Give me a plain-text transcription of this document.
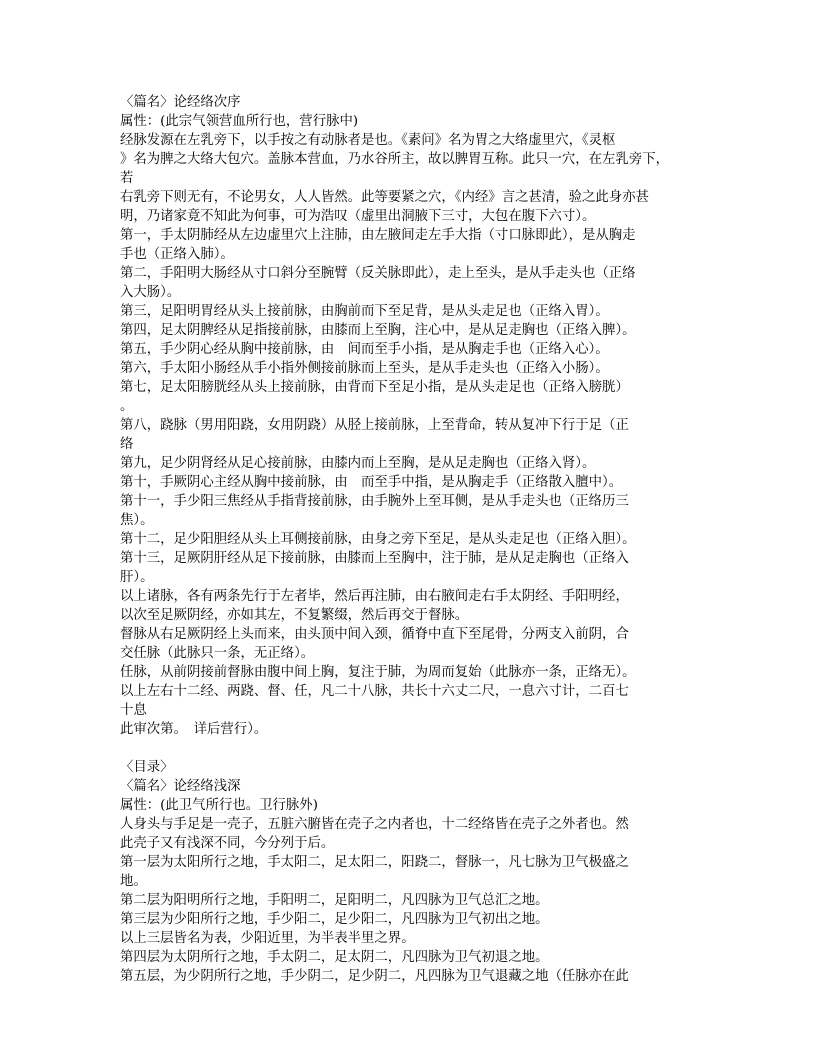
〈篇名〉论经络次序
属性：(此宗气领营血所行也，营行脉中)
经脉发源在左乳旁下，以手按之有动脉者是也。《素问》名为胃之大络虚里穴，《灵枢
》名为脾之大络大包穴。盖脉本营血，乃水谷所主，故以脾胃互称。此只一穴，在左乳旁下，
若
右乳旁下则无有，不论男女，人人皆然。此等要紧之穴，《内经》言之甚清，验之此身亦甚
明，乃诸家竟不知此为何事，可为浩叹（虚里出洞腋下三寸，大包在腹下六寸）。
第一，手太阴肺经从左边虚里穴上注肺，由左腋间走左手大指（寸口脉即此），是从胸走
手也（正络入肺）。
第二，手阳明大肠经从寸口斜分至腕臂（反关脉即此），走上至头，是从手走头也（正络
入大肠）。
第三，足阳明胃经从头上接前脉，由胸前而下至足背，是从头走足也（正络入胃）。
第四，足太阴脾经从足指接前脉，由膝而上至胸，注心中，是从足走胸也（正络入脾）。
第五，手少阴心经从胸中接前脉，由　间而至手小指，是从胸走手也（正络入心）。
第六，手太阳小肠经从手小指外侧接前脉而上至头，是从手走头也（正络入小肠）。
第七，足太阳膀胱经从头上接前脉，由背而下至足小指，是从头走足也（正络入膀胱）
。
第八，跷脉（男用阳跷，女用阴跷）从胫上接前脉，上至背命，转从复冲下行于足（正
络
第九，足少阴肾经从足心接前脉，由膝内而上至胸，是从足走胸也（正络入肾）。
第十，手厥阴心主经从胸中接前脉，由　而至手中指，是从胸走手（正络散入膻中）。
第十一，手少阳三焦经从手指背接前脉，由手腕外上至耳侧，是从手走头也（正络历三
焦）。
第十二，足少阳胆经从头上耳侧接前脉，由身之旁下至足，是从头走足也（正络入胆）。
第十三，足厥阴肝经从足下接前脉，由膝而上至胸中，注于肺，是从足走胸也（正络入
肝）。
以上诸脉，各有两条先行于左者毕，然后再注肺，由右腋间走右手太阴经、手阳明经，
以次至足厥阴经，亦如其左，不复繁缀，然后再交于督脉。
督脉从右足厥阴经上头而来，由头顶中间入颈，循脊中直下至尾骨，分两支入前阴，合
交任脉（此脉只一条，无正络）。
任脉，从前阴接前督脉由腹中间上胸，复注于肺，为周而复始（此脉亦一条，正络无）。
以上左右十二经、两跷、督、任，凡二十八脉，共长十六丈二尺，一息六寸计，二百七
十息
此审次第。　详后营行）。
〈目录〉
〈篇名〉论经络浅深
属性：(此卫气所行也。卫行脉外)
人身头与手足是一壳子，五脏六腑皆在壳子之内者也，十二经络皆在壳子之外者也。然
此壳子又有浅深不同，今分列于后。
第一层为太阳所行之地，手太阳二，足太阳二，阳跷二，督脉一，凡七脉为卫气极盛之
地。
第二层为阳明所行之地，手阳明二，足阳明二，凡四脉为卫气总汇之地。
第三层为少阳所行之地，手少阳二，足少阳二，凡四脉为卫气初出之地。
以上三层皆名为表，少阳近里，为半表半里之界。
第四层为太阴所行之地，手太阴二，足太阴二，凡四脉为卫气初退之地。
第五层，为少阴所行之地，手少阴二，足少阴二，凡四脉为卫气退藏之地（任脉亦在此
